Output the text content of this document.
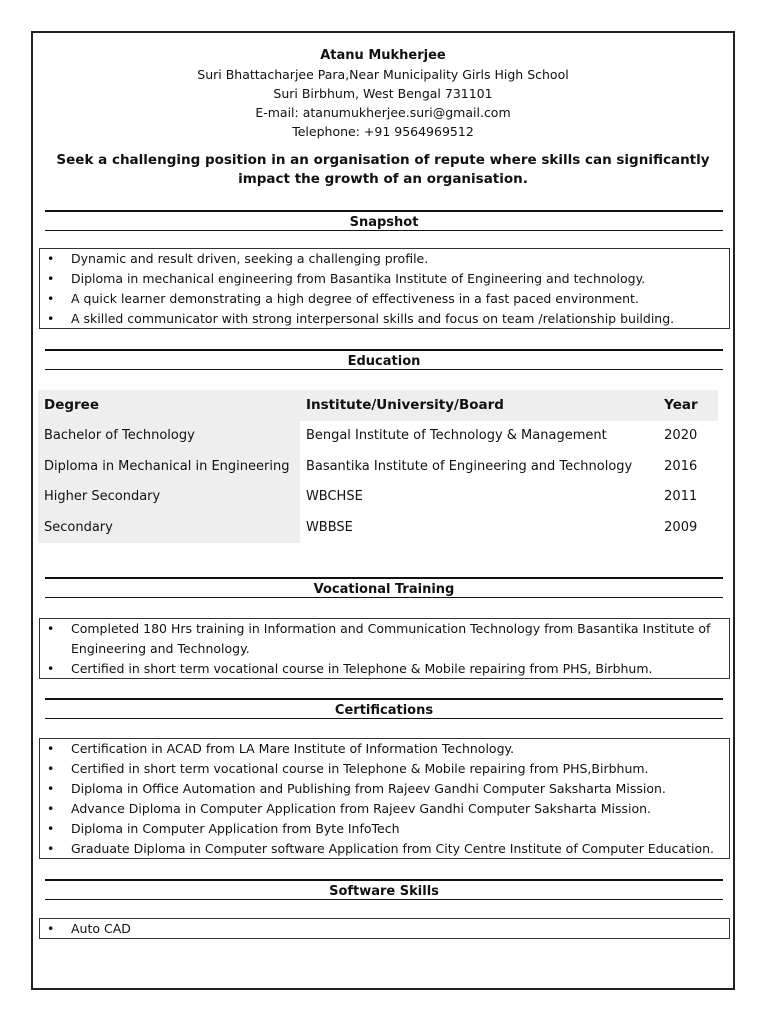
Atanu Mukherjee
Suri Bhattacharjee Para,Near Municipality Girls High School
Suri Birbhum, West Bengal 731101
E-mail: atanumukherjee.suri@gmail.com
Telephone: +91 9564969512
Seek a challenging position in an organisation of repute where skills can significantly impact the growth of an organisation.
Snapshot
• Dynamic and result driven, seeking a challenging profile.
• Diploma in mechanical engineering from Basantika Institute of Engineering and technology.
• A quick learner demonstrating a high degree of effectiveness in a fast paced environment.
• A skilled communicator with strong interpersonal skills and focus on team /relationship building.
Education
Degree	Institute/University/Board	Year
Bachelor of Technology	Bengal Institute of Technology & Management	2020
Diploma in Mechanical in Engineering	Basantika Institute of Engineering and Technology	2016
Higher Secondary	WBCHSE	2011
Secondary	WBBSE	2009
Vocational Training
• Completed 180 Hrs training in Information and Communication Technology from Basantika Institute of Engineering and Technology.
• Certified in short term vocational course in Telephone & Mobile repairing from PHS, Birbhum.
Certifications
• Certification in ACAD from LA Mare Institute of Information Technology.
• Certified in short term vocational course in Telephone & Mobile repairing from PHS,Birbhum.
• Diploma in Office Automation and Publishing from Rajeev Gandhi Computer Saksharta Mission.
• Advance Diploma in Computer Application from Rajeev Gandhi Computer Saksharta Mission.
• Diploma in Computer Application from Byte InfoTech
• Graduate Diploma in Computer software Application from City Centre Institute of Computer Education.
Software Skills
• Auto CAD
